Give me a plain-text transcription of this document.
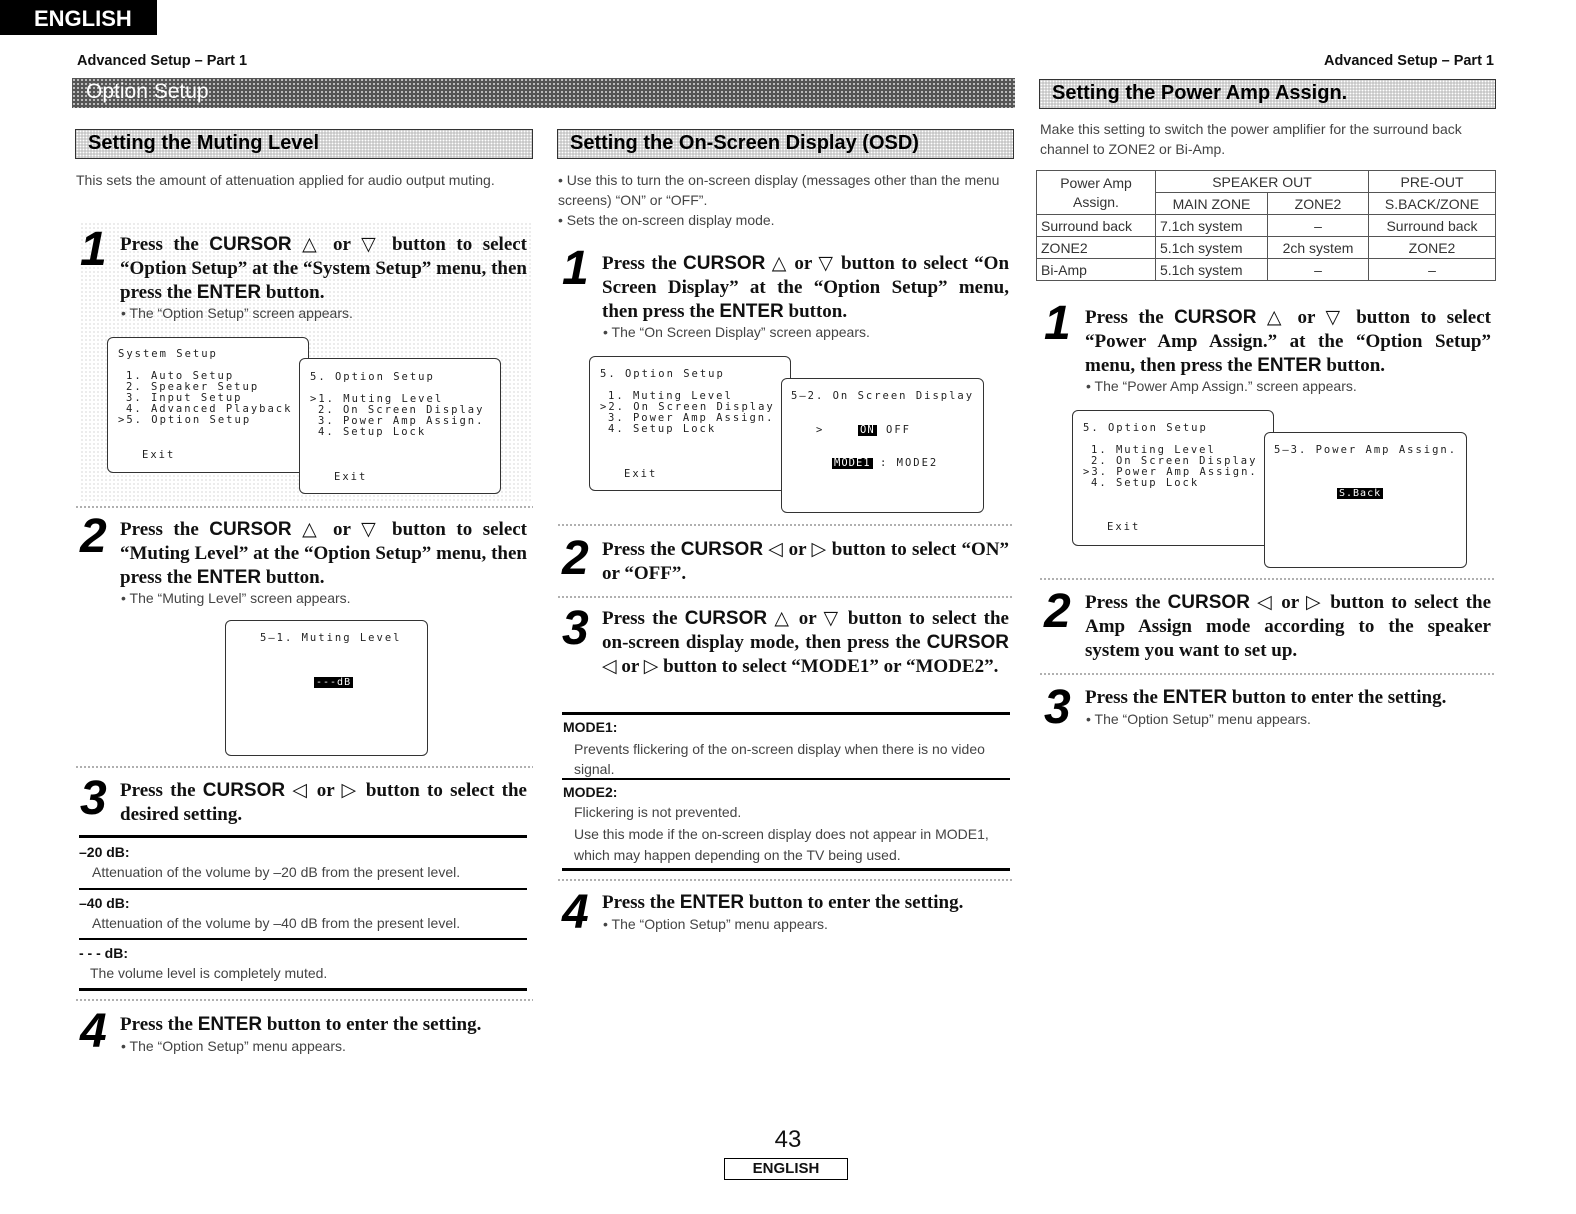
ENGLISH
Advanced Setup – Part 1	Advanced Setup – Part 1
Option Setup
Setting the Muting Level
This sets the amount of attenuation applied for audio output muting.
1 Press the CURSOR △ or ▽ button to select “Option Setup” at the “System Setup” menu, then press the ENTER button.
• The “Option Setup” screen appears.
System Setup
1. Auto Setup
2. Speaker Setup
3. Input Setup
4. Advanced Playback
>5. Option Setup
Exit
5. Option Setup
>1. Muting Level
2. On Screen Display
3. Power Amp Assign.
4. Setup Lock
Exit
2 Press the CURSOR △ or ▽ button to select “Muting Level” at the “Option Setup” menu, then press the ENTER button.
• The “Muting Level” screen appears.
5–1. Muting Level
---dB
3 Press the CURSOR ◁ or ▷ button to select the desired setting.
–20 dB:
Attenuation of the volume by –20 dB from the present level.
–40 dB:
Attenuation of the volume by –40 dB from the present level.
- - - dB:
The volume level is completely muted.
4 Press the ENTER button to enter the setting.
• The “Option Setup” menu appears.
Setting the On-Screen Display (OSD)
• Use this to turn the on-screen display (messages other than the menu screens) “ON” or “OFF”.
• Sets the on-screen display mode.
1 Press the CURSOR △ or ▽ button to select “On Screen Display” at the “Option Setup” menu, then press the ENTER button.
• The “On Screen Display” screen appears.
5. Option Setup
1. Muting Level
>2. On Screen Display
3. Power Amp Assign.
4. Setup Lock
Exit
5–2. On Screen Display
>	ON OFF
MODE1 : MODE2
2 Press the CURSOR ◁ or ▷ button to select “ON” or “OFF”.
3 Press the CURSOR △ or ▽ button to select the on-screen display mode, then press the CURSOR ◁ or ▷ button to select “MODE1” or “MODE2”.
MODE1:
Prevents flickering of the on-screen display when there is no video signal.
MODE2:
Flickering is not prevented.
Use this mode if the on-screen display does not appear in MODE1, which may happen depending on the TV being used.
4 Press the ENTER button to enter the setting.
• The “Option Setup” menu appears.
Setting the Power Amp Assign.
Make this setting to switch the power amplifier for the surround back channel to ZONE2 or Bi-Amp.
Power Amp Assign.	SPEAKER OUT		PRE-OUT
	MAIN ZONE	ZONE2	S.BACK/ZONE
Surround back	7.1ch system	–	Surround back
ZONE2	5.1ch system	2ch system	ZONE2
Bi-Amp	5.1ch system	–	–
1 Press the CURSOR △ or ▽ button to select “Power Amp Assign.” at the “Option Setup” menu, then press the ENTER button.
• The “Power Amp Assign.” screen appears.
5. Option Setup
1. Muting Level
2. On Screen Display
>3. Power Amp Assign.
4. Setup Lock
Exit
5–3. Power Amp Assign.
S.Back
2 Press the CURSOR ◁ or ▷ button to select the Amp Assign mode according to the speaker system you want to set up.
3 Press the ENTER button to enter the setting.
• The “Option Setup” menu appears.
43
ENGLISH
